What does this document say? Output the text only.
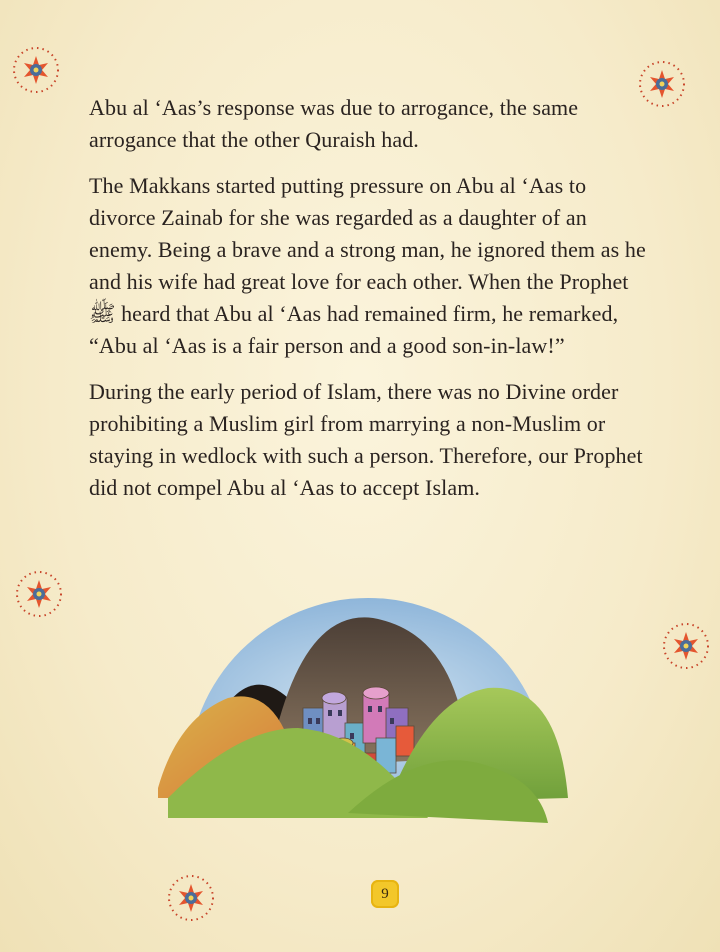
Abu al ‘Aas’s response was due to arrogance, the same arrogance that the other Quraish had.

The Makkans started putting pressure on Abu al ‘Aas to divorce Zainab for she was regarded as a daughter of an enemy. Being a brave and a strong man, he ignored them as he and his wife had great love for each other. When the Prophet ﷺ heard that Abu al ‘Aas had remained firm, he remarked, “Abu al ‘Aas is a fair person and a good son-in-law!”

During the early period of Islam, there was no Divine order prohibiting a Muslim girl from marrying a non-Muslim or staying in wedlock with such a person. Therefore, our Prophet did not compel Abu al ‘Aas to accept Islam.

9
